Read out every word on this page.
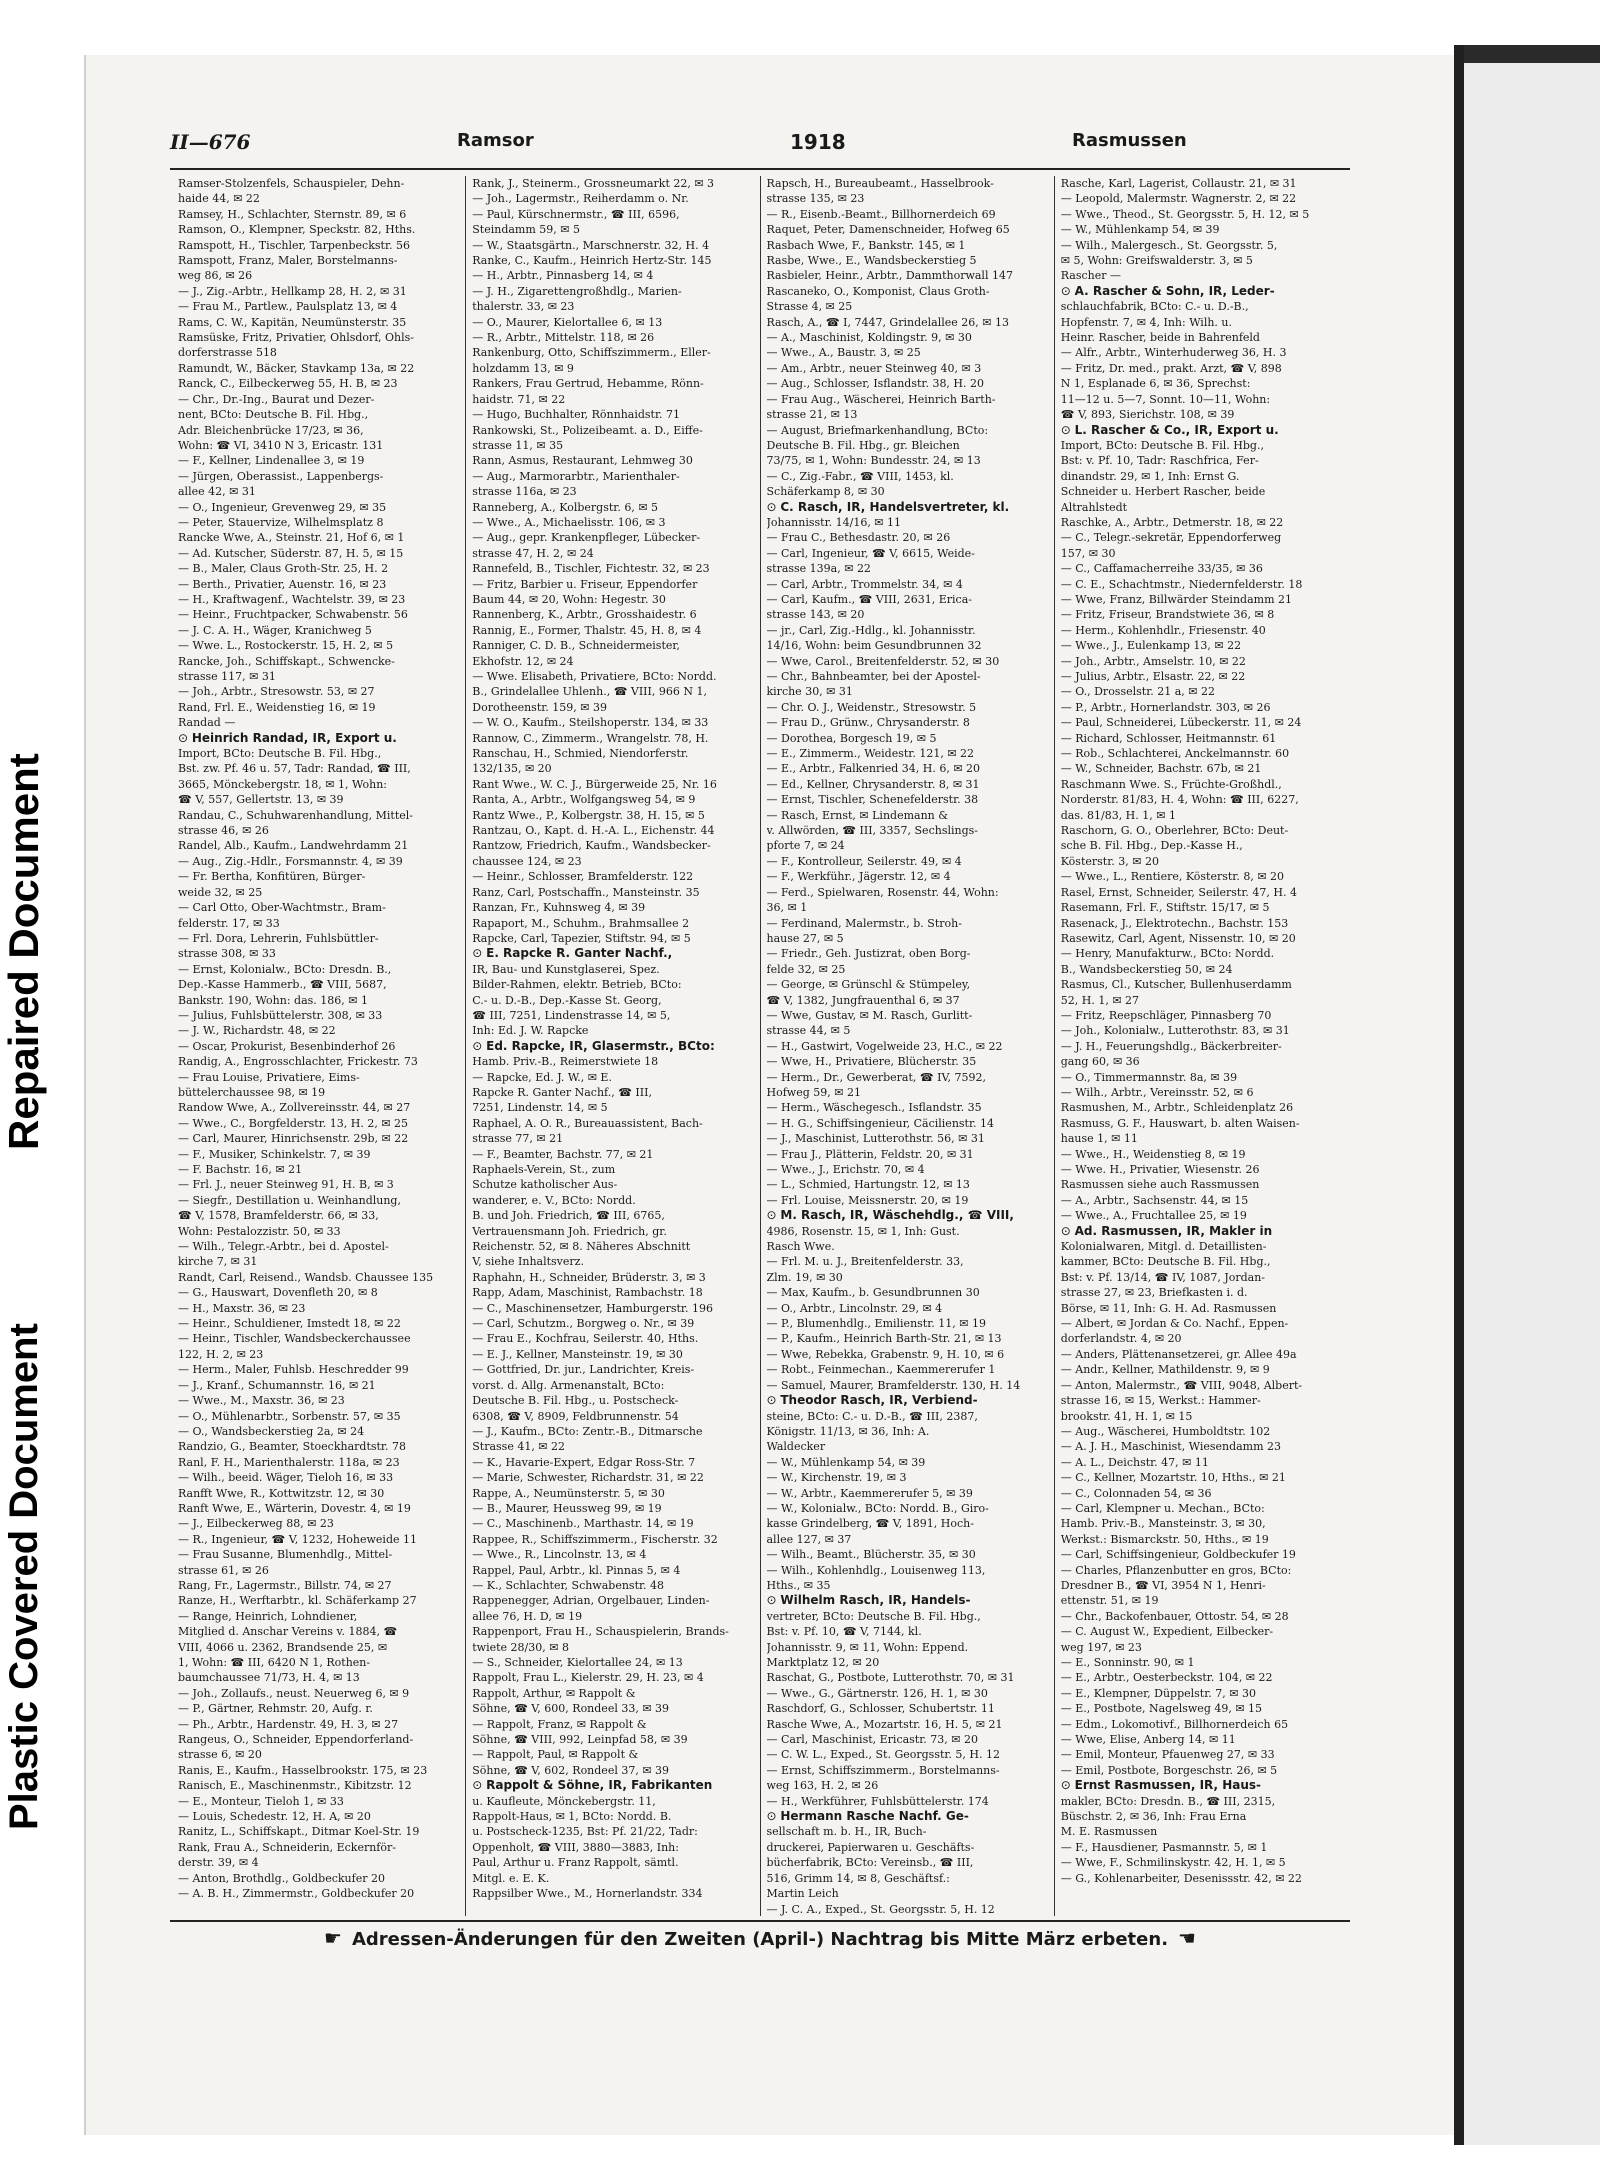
Repaired Document
Plastic Covered Document
II—676	Ramsor	1918	Rasmussen
Ramser-Stolzenfels, Schauspieler, Dehn-
haide 44, ✉ 22
Ramsey, H., Schlachter, Sternstr. 89, ✉ 6
Ramson, O., Klempner, Speckstr. 82, Hths.
Ramspott, H., Tischler, Tarpenbeckstr. 56
Ramspott, Franz, Maler, Borstelmanns-
weg 86, ✉ 26
— J., Zig.-Arbtr., Hellkamp 28, H. 2, ✉ 31
— Frau M., Partlew., Paulsplatz 13, ✉ 4
Rams, C. W., Kapitän, Neumünsterstr. 35
Ramsüske, Fritz, Privatier, Ohlsdorf, Ohls-
dorferstrasse 518
Ramundt, W., Bäcker, Stavkamp 13a, ✉ 22
Ranck, C., Eilbeckerweg 55, H. B, ✉ 23
— Chr., Dr.-Ing., Baurat und Dezer-
nent, BCto: Deutsche B. Fil. Hbg.,
Adr. Bleichenbrücke 17/23, ✉ 36,
Wohn: ☎ VI, 3410 N 3, Ericastr. 131
— F., Kellner, Lindenallee 3, ✉ 19
— Jürgen, Oberassist., Lappenbergs-
allee 42, ✉ 31
— O., Ingenieur, Grevenweg 29, ✉ 35
— Peter, Stauervize, Wilhelmsplatz 8
Rancke Wwe, A., Steinstr. 21, Hof 6, ✉ 1
— Ad. Kutscher, Süderstr. 87, H. 5, ✉ 15
— B., Maler, Claus Groth-Str. 25, H. 2
— Berth., Privatier, Auenstr. 16, ✉ 23
— H., Kraftwagenf., Wachtelstr. 39, ✉ 23
— Heinr., Fruchtpacker, Schwabenstr. 56
— J. C. A. H., Wäger, Kranichweg 5
— Wwe. L., Rostockerstr. 15, H. 2, ✉ 5
Rancke, Joh., Schiffskapt., Schwencke-
strasse 117, ✉ 31
— Joh., Arbtr., Stresowstr. 53, ✉ 27
Rand, Frl. E., Weidenstieg 16, ✉ 19
Randad —
⊙ Heinrich Randad, IR, Export u.
Import, BCto: Deutsche B. Fil. Hbg.,
Bst. zw. Pf. 46 u. 57, Tadr: Randad, ☎ III,
3665, Mönckebergstr. 18, ✉ 1, Wohn:
☎ V, 557, Gellertstr. 13, ✉ 39
Randau, C., Schuhwarenhandlung, Mittel-
strasse 46, ✉ 26
Randel, Alb., Kaufm., Landwehrdamm 21
— Aug., Zig.-Hdlr., Forsmannstr. 4, ✉ 39
— Fr. Bertha, Konfitüren, Bürger-
weide 32, ✉ 25
— Carl Otto, Ober-Wachtmstr., Bram-
felderstr. 17, ✉ 33
— Frl. Dora, Lehrerin, Fuhlsbüttler-
strasse 308, ✉ 33
— Ernst, Kolonialw., BCto: Dresdn. B.,
Dep.-Kasse Hammerb., ☎ VIII, 5687,
Bankstr. 190, Wohn: das. 186, ✉ 1
— Julius, Fuhlsbüttelerstr. 308, ✉ 33
— J. W., Richardstr. 48, ✉ 22
— Oscar, Prokurist, Besenbinderhof 26
Randig, A., Engrosschlachter, Frickestr. 73
— Frau Louise, Privatiere, Eims-
büttelerchaussee 98, ✉ 19
Randow Wwe, A., Zollvereinsstr. 44, ✉ 27
— Wwe., C., Borgfelderstr. 13, H. 2, ✉ 25
— Carl, Maurer, Hinrichsenstr. 29b, ✉ 22
— F., Musiker, Schinkelstr. 7, ✉ 39
— F. Bachstr. 16, ✉ 21
— Frl. J., neuer Steinweg 91, H. B, ✉ 3
— Siegfr., Destillation u. Weinhandlung,
☎ V, 1578, Bramfelderstr. 66, ✉ 33,
Wohn: Pestalozzistr. 50, ✉ 33
— Wilh., Telegr.-Arbtr., bei d. Apostel-
kirche 7, ✉ 31
Randt, Carl, Reisend., Wandsb. Chaussee 135
— G., Hauswart, Dovenfleth 20, ✉ 8
— H., Maxstr. 36, ✉ 23
— Heinr., Schuldiener, Imstedt 18, ✉ 22
— Heinr., Tischler, Wandsbeckerchaussee
122, H. 2, ✉ 23
— Herm., Maler, Fuhlsb. Heschredder 99
— J., Kranf., Schumannstr. 16, ✉ 21
— Wwe., M., Maxstr. 36, ✉ 23
— O., Mühlenarbtr., Sorbenstr. 57, ✉ 35
— O., Wandsbeckerstieg 2a, ✉ 24
Randzio, G., Beamter, Stoeckhardtstr. 78
Ranl, F. H., Marienthalerstr. 118a, ✉ 23
— Wilh., beeid. Wäger, Tieloh 16, ✉ 33
Ranfft Wwe, R., Kottwitzstr. 12, ✉ 30
Ranft Wwe, E., Wärterin, Dovestr. 4, ✉ 19
— J., Eilbeckerweg 88, ✉ 23
— R., Ingenieur, ☎ V, 1232, Hoheweide 11
— Frau Susanne, Blumenhdlg., Mittel-
strasse 61, ✉ 26
Rang, Fr., Lagermstr., Billstr. 74, ✉ 27
Ranze, H., Werftarbtr., kl. Schäferkamp 27
— Range, Heinrich, Lohndiener,
Mitglied d. Anschar Vereins v. 1884, ☎
VIII, 4066 u. 2362, Brandsende 25, ✉
1, Wohn: ☎ III, 6420 N 1, Rothen-
baumchaussee 71/73, H. 4, ✉ 13
— Joh., Zollaufs., neust. Neuerweg 6, ✉ 9
— P., Gärtner, Rehmstr. 20, Aufg. r.
— Ph., Arbtr., Hardenstr. 49, H. 3, ✉ 27
Rangeus, O., Schneider, Eppendorferland-
strasse 6, ✉ 20
Ranis, E., Kaufm., Hasselbrookstr. 175, ✉ 23
Ranisch, E., Maschinenmstr., Kibitzstr. 12
— E., Monteur, Tieloh 1, ✉ 33
— Louis, Schedestr. 12, H. A, ✉ 20
Ranitz, L., Schiffskapt., Ditmar Koel-Str. 19
Rank, Frau A., Schneiderin, Eckernför-
derstr. 39, ✉ 4
— Anton, Brothdlg., Goldbeckufer 20
— A. B. H., Zimmermstr., Goldbeckufer 20
Rank, J., Steinerm., Grossneumarkt 22, ✉ 3
— Joh., Lagermstr., Reiherdamm o. Nr.
— Paul, Kürschnermstr., ☎ III, 6596,
Steindamm 59, ✉ 5
— W., Staatsgärtn., Marschnerstr. 32, H. 4
Ranke, C., Kaufm., Heinrich Hertz-Str. 145
— H., Arbtr., Pinnasberg 14, ✉ 4
— J. H., Zigarettengroßhdlg., Marien-
thalerstr. 33, ✉ 23
— O., Maurer, Kielortallee 6, ✉ 13
— R., Arbtr., Mittelstr. 118, ✉ 26
Rankenburg, Otto, Schiffszimmerm., Eller-
holzdamm 13, ✉ 9
Rankers, Frau Gertrud, Hebamme, Rönn-
haidstr. 71, ✉ 22
— Hugo, Buchhalter, Rönnhaidstr. 71
Rankowski, St., Polizeibeamt. a. D., Eiffe-
strasse 11, ✉ 35
Rann, Asmus, Restaurant, Lehmweg 30
— Aug., Marmorarbtr., Marienthaler-
strasse 116a, ✉ 23
Ranneberg, A., Kolbergstr. 6, ✉ 5
— Wwe., A., Michaelisstr. 106, ✉ 3
— Aug., gepr. Krankenpfleger, Lübecker-
strasse 47, H. 2, ✉ 24
Rannefeld, B., Tischler, Fichtestr. 32, ✉ 23
— Fritz, Barbier u. Friseur, Eppendorfer
Baum 44, ✉ 20, Wohn: Hegestr. 30
Rannenberg, K., Arbtr., Grosshaidestr. 6
Rannig, E., Former, Thalstr. 45, H. 8, ✉ 4
Ranniger, C. D. B., Schneidermeister,
Ekhofstr. 12, ✉ 24
— Wwe. Elisabeth, Privatiere, BCto: Nordd.
B., Grindelallee Uhlenh., ☎ VIII, 966 N 1,
Dorotheenstr. 159, ✉ 39
— W. O., Kaufm., Steilshoperstr. 134, ✉ 33
Rannow, C., Zimmerm., Wrangelstr. 78, H.
Ranschau, H., Schmied, Niendorferstr.
132/135, ✉ 20
Rant Wwe., W. C. J., Bürgerweide 25, Nr. 16
Ranta, A., Arbtr., Wolfgangsweg 54, ✉ 9
Rantz Wwe., P., Kolbergstr. 38, H. 15, ✉ 5
Rantzau, O., Kapt. d. H.-A. L., Eichenstr. 44
Rantzow, Friedrich, Kaufm., Wandsbecker-
chaussee 124, ✉ 23
— Heinr., Schlosser, Bramfelderstr. 122
Ranz, Carl, Postschaffn., Mansteinstr. 35
Ranzan, Fr., Kuhnsweg 4, ✉ 39
Rapaport, M., Schuhm., Brahmsallee 2
Rapcke, Carl, Tapezier, Stiftstr. 94, ✉ 5
⊙ E. Rapcke R. Ganter Nachf.,
IR, Bau- und Kunstglaserei, Spez.
Bilder-Rahmen, elektr. Betrieb, BCto:
C.- u. D.-B., Dep.-Kasse St. Georg,
☎ III, 7251, Lindenstrasse 14, ✉ 5,
Inh: Ed. J. W. Rapcke
⊙ Ed. Rapcke, IR, Glasermstr., BCto:
Hamb. Priv.-B., Reimerstwiete 18
— Rapcke, Ed. J. W., ✉ E.
Rapcke R. Ganter Nachf., ☎ III,
7251, Lindenstr. 14, ✉ 5
Raphael, A. O. R., Bureauassistent, Bach-
strasse 77, ✉ 21
— F., Beamter, Bachstr. 77, ✉ 21
Raphaels-Verein, St., zum
Schutze katholischer Aus-
wanderer, e. V., BCto: Nordd.
B. und Joh. Friedrich, ☎ III, 6765,
Vertrauensmann Joh. Friedrich, gr.
Reichenstr. 52, ✉ 8. Näheres Abschnitt
V, siehe Inhaltsverz.
Raphahn, H., Schneider, Brüderstr. 3, ✉ 3
Rapp, Adam, Maschinist, Rambachstr. 18
— C., Maschinensetzer, Hamburgerstr. 196
— Carl, Schutzm., Borgweg o. Nr., ✉ 39
— Frau E., Kochfrau, Seilerstr. 40, Hths.
— E. J., Kellner, Mansteinstr. 19, ✉ 30
— Gottfried, Dr. jur., Landrichter, Kreis-
vorst. d. Allg. Armenanstalt, BCto:
Deutsche B. Fil. Hbg., u. Postscheck-
6308, ☎ V, 8909, Feldbrunnenstr. 54
— J., Kaufm., BCto: Zentr.-B., Ditmarsche
Strasse 41, ✉ 22
— K., Havarie-Expert, Edgar Ross-Str. 7
— Marie, Schwester, Richardstr. 31, ✉ 22
Rappe, A., Neumünsterstr. 5, ✉ 30
— B., Maurer, Heussweg 99, ✉ 19
— C., Maschinenb., Marthastr. 14, ✉ 19
Rappee, R., Schiffszimmerm., Fischerstr. 32
— Wwe., R., Lincolnstr. 13, ✉ 4
Rappel, Paul, Arbtr., kl. Pinnas 5, ✉ 4
— K., Schlachter, Schwabenstr. 48
Rappenegger, Adrian, Orgelbauer, Linden-
allee 76, H. D, ✉ 19
Rappenport, Frau H., Schauspielerin, Brands-
twiete 28/30, ✉ 8
— S., Schneider, Kielortallee 24, ✉ 13
Rappolt, Frau L., Kielerstr. 29, H. 23, ✉ 4
Rappolt, Arthur, ✉ Rappolt &
Söhne, ☎ V, 600, Rondeel 33, ✉ 39
— Rappolt, Franz, ✉ Rappolt &
Söhne, ☎ VIII, 992, Leinpfad 58, ✉ 39
— Rappolt, Paul, ✉ Rappolt &
Söhne, ☎ V, 602, Rondeel 37, ✉ 39
⊙ Rappolt & Söhne, IR, Fabrikanten
u. Kaufleute, Mönckebergstr. 11,
Rappolt-Haus, ✉ 1, BCto: Nordd. B.
u. Postscheck-1235, Bst: Pf. 21/22, Tadr:
Oppenholt, ☎ VIII, 3880—3883, Inh:
Paul, Arthur u. Franz Rappolt, sämtl.
Mitgl. e. E. K.
Rappsilber Wwe., M., Hornerlandstr. 334
Rapsch, H., Bureaubeamt., Hasselbrook-
strasse 135, ✉ 23
— R., Eisenb.-Beamt., Billhornerdeich 69
Raquet, Peter, Damenschneider, Hofweg 65
Rasbach Wwe, F., Bankstr. 145, ✉ 1
Rasbe, Wwe., E., Wandsbeckerstieg 5
Rasbieler, Heinr., Arbtr., Dammthorwall 147
Rascaneko, O., Komponist, Claus Groth-
Strasse 4, ✉ 25
Rasch, A., ☎ I, 7447, Grindelallee 26, ✉ 13
— A., Maschinist, Koldingstr. 9, ✉ 30
— Wwe., A., Baustr. 3, ✉ 25
— Am., Arbtr., neuer Steinweg 40, ✉ 3
— Aug., Schlosser, Isflandstr. 38, H. 20
— Frau Aug., Wäscherei, Heinrich Barth-
strasse 21, ✉ 13
— August, Briefmarkenhandlung, BCto:
Deutsche B. Fil. Hbg., gr. Bleichen
73/75, ✉ 1, Wohn: Bundesstr. 24, ✉ 13
— C., Zig.-Fabr., ☎ VIII, 1453, kl.
Schäferkamp 8, ✉ 30
⊙ C. Rasch, IR, Handelsvertreter, kl.
Johannisstr. 14/16, ✉ 11
— Frau C., Bethesdastr. 20, ✉ 26
— Carl, Ingenieur, ☎ V, 6615, Weide-
strasse 139a, ✉ 22
— Carl, Arbtr., Trommelstr. 34, ✉ 4
— Carl, Kaufm., ☎ VIII, 2631, Erica-
strasse 143, ✉ 20
— jr., Carl, Zig.-Hdlg., kl. Johannisstr.
14/16, Wohn: beim Gesundbrunnen 32
— Wwe, Carol., Breitenfelderstr. 52, ✉ 30
— Chr., Bahnbeamter, bei der Apostel-
kirche 30, ✉ 31
— Chr. O. J., Weidenstr., Stresowstr. 5
— Frau D., Grünw., Chrysanderstr. 8
— Dorothea, Borgesch 19, ✉ 5
— E., Zimmerm., Weidestr. 121, ✉ 22
— E., Arbtr., Falkenried 34, H. 6, ✉ 20
— Ed., Kellner, Chrysanderstr. 8, ✉ 31
— Ernst, Tischler, Schenefelderstr. 38
— Rasch, Ernst, ✉ Lindemann &
v. Allwörden, ☎ III, 3357, Sechslings-
pforte 7, ✉ 24
— F., Kontrolleur, Seilerstr. 49, ✉ 4
— F., Werkführ., Jägerstr. 12, ✉ 4
— Ferd., Spielwaren, Rosenstr. 44, Wohn:
36, ✉ 1
— Ferdinand, Malermstr., b. Stroh-
hause 27, ✉ 5
— Friedr., Geh. Justizrat, oben Borg-
felde 32, ✉ 25
— George, ✉ Grünschl & Stümpeley,
☎ V, 1382, Jungfrauenthal 6, ✉ 37
— Wwe, Gustav, ✉ M. Rasch, Gurlitt-
strasse 44, ✉ 5
— H., Gastwirt, Vogelweide 23, H.C., ✉ 22
— Wwe, H., Privatiere, Blücherstr. 35
— Herm., Dr., Gewerberat, ☎ IV, 7592,
Hofweg 59, ✉ 21
— Herm., Wäschegesch., Isflandstr. 35
— H. G., Schiffsingenieur, Cäcilienstr. 14
— J., Maschinist, Lutterothstr. 56, ✉ 31
— Frau J., Plätterin, Feldstr. 20, ✉ 31
— Wwe., J., Erichstr. 70, ✉ 4
— L., Schmied, Hartungstr. 12, ✉ 13
— Frl. Louise, Meissnerstr. 20, ✉ 19
⊙ M. Rasch, IR, Wäschehdlg., ☎ VIII,
4986, Rosenstr. 15, ✉ 1, Inh: Gust.
Rasch Wwe.
— Frl. M. u. J., Breitenfelderstr. 33,
Zlm. 19, ✉ 30
— Max, Kaufm., b. Gesundbrunnen 30
— O., Arbtr., Lincolnstr. 29, ✉ 4
— P., Blumenhdlg., Emilienstr. 11, ✉ 19
— P., Kaufm., Heinrich Barth-Str. 21, ✉ 13
— Wwe, Rebekka, Grabenstr. 9, H. 10, ✉ 6
— Robt., Feinmechan., Kaemmererufer 1
— Samuel, Maurer, Bramfelderstr. 130, H. 14
⊙ Theodor Rasch, IR, Verbiend-
steine, BCto: C.- u. D.-B., ☎ III, 2387,
Königstr. 11/13, ✉ 36, Inh: A.
Waldecker
— W., Mühlenkamp 54, ✉ 39
— W., Kirchenstr. 19, ✉ 3
— W., Arbtr., Kaemmererufer 5, ✉ 39
— W., Kolonialw., BCto: Nordd. B., Giro-
kasse Grindelberg, ☎ V, 1891, Hoch-
allee 127, ✉ 37
— Wilh., Beamt., Blücherstr. 35, ✉ 30
— Wilh., Kohlenhdlg., Louisenweg 113,
Hths., ✉ 35
⊙ Wilhelm Rasch, IR, Handels-
vertreter, BCto: Deutsche B. Fil. Hbg.,
Bst: v. Pf. 10, ☎ V, 7144, kl.
Johannisstr. 9, ✉ 11, Wohn: Eppend.
Marktplatz 12, ✉ 20
Raschat, G., Postbote, Lutterothstr. 70, ✉ 31
— Wwe., G., Gärtnerstr. 126, H. 1, ✉ 30
Raschdorf, G., Schlosser, Schubertstr. 11
Rasche Wwe, A., Mozartstr. 16, H. 5, ✉ 21
— Carl, Maschinist, Ericastr. 73, ✉ 20
— C. W. L., Exped., St. Georgsstr. 5, H. 12
— Ernst, Schiffszimmerm., Borstelmanns-
weg 163, H. 2, ✉ 26
— H., Werkführer, Fuhlsbüttelerstr. 174
⊙ Hermann Rasche Nachf. Ge-
sellschaft m. b. H., IR, Buch-
druckerei, Papierwaren u. Geschäfts-
bücherfabrik, BCto: Vereinsb., ☎ III,
516, Grimm 14, ✉ 8, Geschäftsf.:
Martin Leich
— J. C. A., Exped., St. Georgsstr. 5, H. 12
Rasche, Karl, Lagerist, Collaustr. 21, ✉ 31
— Leopold, Malermstr. Wagnerstr. 2, ✉ 22
— Wwe., Theod., St. Georgsstr. 5, H. 12, ✉ 5
— W., Mühlenkamp 54, ✉ 39
— Wilh., Malergesch., St. Georgsstr. 5,
✉ 5, Wohn: Greifswalderstr. 3, ✉ 5
Rascher —
⊙ A. Rascher & Sohn, IR, Leder-
schlauchfabrik, BCto: C.- u. D.-B.,
Hopfenstr. 7, ✉ 4, Inh: Wilh. u.
Heinr. Rascher, beide in Bahrenfeld
— Alfr., Arbtr., Winterhuderweg 36, H. 3
— Fritz, Dr. med., prakt. Arzt, ☎ V, 898
N 1, Esplanade 6, ✉ 36, Sprechst:
11—12 u. 5—7, Sonnt. 10—11, Wohn:
☎ V, 893, Sierichstr. 108, ✉ 39
⊙ L. Rascher & Co., IR, Export u.
Import, BCto: Deutsche B. Fil. Hbg.,
Bst: v. Pf. 10, Tadr: Raschfrica, Fer-
dinandstr. 29, ✉ 1, Inh: Ernst G.
Schneider u. Herbert Rascher, beide
Altrahlstedt
Raschke, A., Arbtr., Detmerstr. 18, ✉ 22
— C., Telegr.-sekretär, Eppendorferweg
157, ✉ 30
— C., Caffamacherreihe 33/35, ✉ 36
— C. E., Schachtmstr., Niedernfelderstr. 18
— Wwe, Franz, Billwärder Steindamm 21
— Fritz, Friseur, Brandstwiete 36, ✉ 8
— Herm., Kohlenhdlr., Friesenstr. 40
— Wwe., J., Eulenkamp 13, ✉ 22
— Joh., Arbtr., Amselstr. 10, ✉ 22
— Julius, Arbtr., Elsastr. 22, ✉ 22
— O., Drosselstr. 21 a, ✉ 22
— P., Arbtr., Hornerlandstr. 303, ✉ 26
— Paul, Schneiderei, Lübeckerstr. 11, ✉ 24
— Richard, Schlosser, Heitmannstr. 61
— Rob., Schlachterei, Anckelmannstr. 60
— W., Schneider, Bachstr. 67b, ✉ 21
Raschmann Wwe. S., Früchte-Großhdl.,
Norderstr. 81/83, H. 4, Wohn: ☎ III, 6227,
das. 81/83, H. 1, ✉ 1
Raschorn, G. O., Oberlehrer, BCto: Deut-
sche B. Fil. Hbg., Dep.-Kasse H.,
Kösterstr. 3, ✉ 20
— Wwe., L., Rentiere, Kösterstr. 8, ✉ 20
Rasel, Ernst, Schneider, Seilerstr. 47, H. 4
Rasemann, Frl. F., Stiftstr. 15/17, ✉ 5
Rasenack, J., Elektrotechn., Bachstr. 153
Rasewitz, Carl, Agent, Nissenstr. 10, ✉ 20
— Henry, Manufakturw., BCto: Nordd.
B., Wandsbeckerstieg 50, ✉ 24
Rasmus, Cl., Kutscher, Bullenhuserdamm
52, H. 1, ✉ 27
— Fritz, Reepschläger, Pinnasberg 70
— Joh., Kolonialw., Lutterothstr. 83, ✉ 31
— J. H., Feuerungshdlg., Bäckerbreiter-
gang 60, ✉ 36
— O., Timmermannstr. 8a, ✉ 39
— Wilh., Arbtr., Vereinsstr. 52, ✉ 6
Rasmushen, M., Arbtr., Schleidenplatz 26
Rasmuss, G. F., Hauswart, b. alten Waisen-
hause 1, ✉ 11
— Wwe., H., Weidenstieg 8, ✉ 19
— Wwe. H., Privatier, Wiesenstr. 26
Rasmussen siehe auch Rassmussen
— A., Arbtr., Sachsenstr. 44, ✉ 15
— Wwe., A., Fruchtallee 25, ✉ 19
⊙ Ad. Rasmussen, IR, Makler in
Kolonialwaren, Mitgl. d. Detaillisten-
kammer, BCto: Deutsche B. Fil. Hbg.,
Bst: v. Pf. 13/14, ☎ IV, 1087, Jordan-
strasse 27, ✉ 23, Briefkasten i. d.
Börse, ✉ 11, Inh: G. H. Ad. Rasmussen
— Albert, ✉ Jordan & Co. Nachf., Eppen-
dorferlandstr. 4, ✉ 20
— Anders, Plättenansetzerei, gr. Allee 49a
— Andr., Kellner, Mathildenstr. 9, ✉ 9
— Anton, Malermstr., ☎ VIII, 9048, Albert-
strasse 16, ✉ 15, Werkst.: Hammer-
brookstr. 41, H. 1, ✉ 15
— Aug., Wäscherei, Humboldtstr. 102
— A. J. H., Maschinist, Wiesendamm 23
— A. L., Deichstr. 47, ✉ 11
— C., Kellner, Mozartstr. 10, Hths., ✉ 21
— C., Colonnaden 54, ✉ 36
— Carl, Klempner u. Mechan., BCto:
Hamb. Priv.-B., Mansteinstr. 3, ✉ 30,
Werkst.: Bismarckstr. 50, Hths., ✉ 19
— Carl, Schiffsingenieur, Goldbeckufer 19
— Charles, Pflanzenbutter en gros, BCto:
Dresdner B., ☎ VI, 3954 N 1, Henri-
ettenstr. 51, ✉ 19
— Chr., Backofenbauer, Ottostr. 54, ✉ 28
— C. August W., Expedient, Eilbecker-
weg 197, ✉ 23
— E., Sonninstr. 90, ✉ 1
— E., Arbtr., Oesterbeckstr. 104, ✉ 22
— E., Klempner, Düppelstr. 7, ✉ 30
— E., Postbote, Nagelsweg 49, ✉ 15
— Edm., Lokomotivf., Billhornerdeich 65
— Wwe, Elise, Anberg 14, ✉ 11
— Emil, Monteur, Pfauenweg 27, ✉ 33
— Emil, Postbote, Borgeschstr. 26, ✉ 5
⊙ Ernst Rasmussen, IR, Haus-
makler, BCto: Dresdn. B., ☎ III, 2315,
Büschstr. 2, ✉ 36, Inh: Frau Erna
M. E. Rasmussen
— F., Hausdiener, Pasmannstr. 5, ✉ 1
— Wwe, F., Schmilinskystr. 42, H. 1, ✉ 5
— G., Kohlenarbeiter, Desenissstr. 42, ✉ 22
☛ Adressen-Änderungen für den Zweiten (April-) Nachtrag bis Mitte März erbeten. ☚
